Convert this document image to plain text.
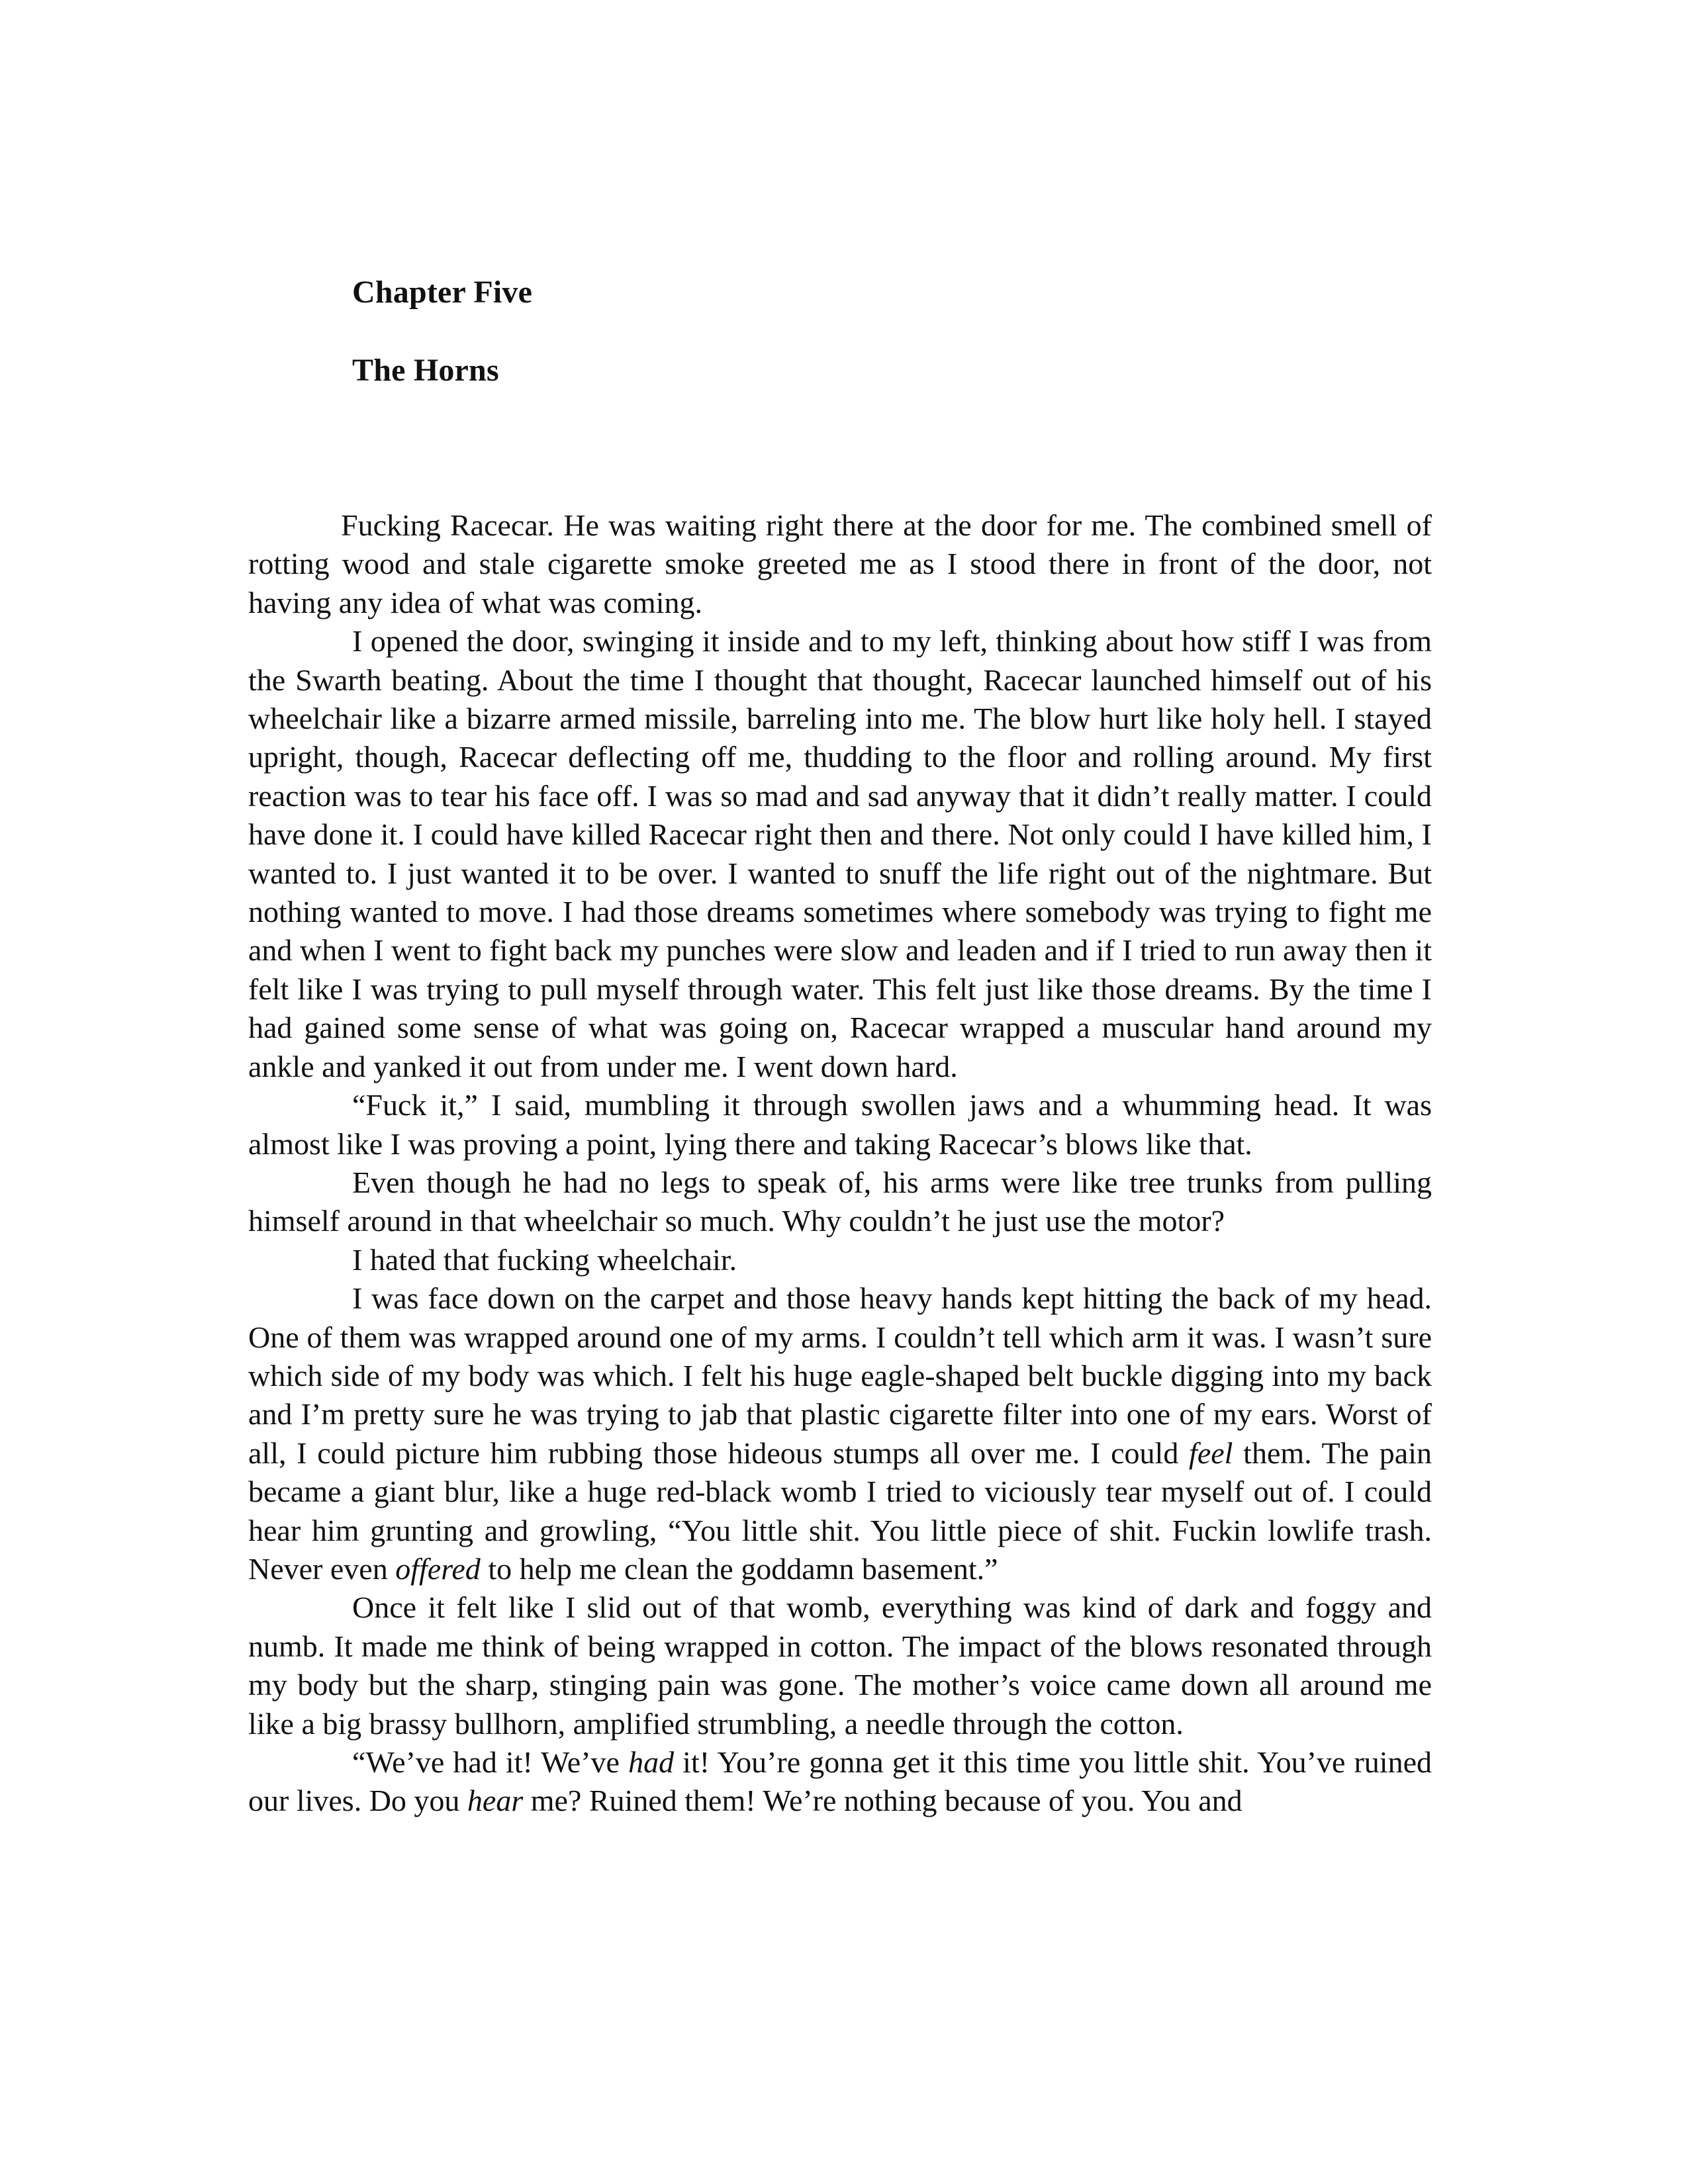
Chapter Five
The Horns

Fucking Racecar. He was waiting right there at the door for me. The combined smell of rotting wood and stale cigarette smoke greeted me as I stood there in front of the door, not having any idea of what was coming.

I opened the door, swinging it inside and to my left, thinking about how stiff I was from the Swarth beating. About the time I thought that thought, Racecar launched himself out of his wheelchair like a bizarre armed missile, barreling into me. The blow hurt like holy hell. I stayed upright, though, Racecar deflecting off me, thudding to the floor and rolling around. My first reaction was to tear his face off. I was so mad and sad anyway that it didn’t really matter. I could have done it. I could have killed Racecar right then and there. Not only could I have killed him, I wanted to. I just wanted it to be over. I wanted to snuff the life right out of the nightmare. But nothing wanted to move. I had those dreams sometimes where somebody was trying to fight me and when I went to fight back my punches were slow and leaden and if I tried to run away then it felt like I was trying to pull myself through water. This felt just like those dreams. By the time I had gained some sense of what was going on, Racecar wrapped a muscular hand around my ankle and yanked it out from under me. I went down hard.

“Fuck it,” I said, mumbling it through swollen jaws and a whumming head. It was almost like I was proving a point, lying there and taking Racecar’s blows like that.

Even though he had no legs to speak of, his arms were like tree trunks from pulling himself around in that wheelchair so much. Why couldn’t he just use the motor?

I hated that fucking wheelchair.

I was face down on the carpet and those heavy hands kept hitting the back of my head. One of them was wrapped around one of my arms. I couldn’t tell which arm it was. I wasn’t sure which side of my body was which. I felt his huge eagle-shaped belt buckle digging into my back and I’m pretty sure he was trying to jab that plastic cigarette filter into one of my ears. Worst of all, I could picture him rubbing those hideous stumps all over me. I could feel them. The pain became a giant blur, like a huge red-black womb I tried to viciously tear myself out of. I could hear him grunting and growling, “You little shit. You little piece of shit. Fuckin lowlife trash. Never even offered to help me clean the goddamn basement.”

Once it felt like I slid out of that womb, everything was kind of dark and foggy and numb. It made me think of being wrapped in cotton. The impact of the blows resonated through my body but the sharp, stinging pain was gone. The mother’s voice came down all around me like a big brassy bullhorn, amplified strumbling, a needle through the cotton.

“We’ve had it! We’ve had it! You’re gonna get it this time you little shit. You’ve ruined our lives. Do you hear me? Ruined them! We’re nothing because of you. You and
